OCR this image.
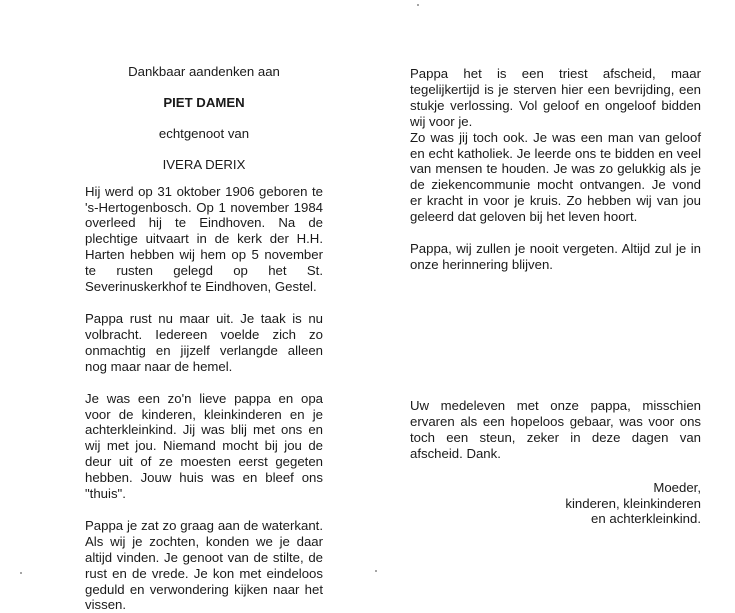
Dankbaar aandenken aan

PIET DAMEN

echtgenoot van

IVERA DERIX

Hij werd op 31 oktober 1906 geboren te 's-Hertogenbosch. Op 1 november 1984 overleed hij te Eindhoven. Na de plechtige uitvaart in de kerk der H.H. Harten hebben wij hem op 5 november te rusten gelegd op het St. Severinuskerkhof te Eindhoven, Gestel.

Pappa rust nu maar uit. Je taak is nu volbracht. Iedereen voelde zich zo onmachtig en jijzelf verlangde alleen nog maar naar de hemel.

Je was een zo'n lieve pappa en opa voor de kinderen, kleinkinderen en je achterkleinkind. Jij was blij met ons en wij met jou. Niemand mocht bij jou de deur uit of ze moesten eerst gegeten hebben. Jouw huis was en bleef ons "thuis".

Pappa je zat zo graag aan de waterkant. Als wij je zochten, konden we je daar altijd vinden. Je genoot van de stilte, de rust en de vrede. Je kon met eindeloos geduld en verwondering kijken naar het vissen.

Pappa het is een triest afscheid, maar tegelijkertijd is je sterven hier een bevrijding, een stukje verlossing. Vol geloof en ongeloof bidden wij voor je.

Zo was jij toch ook. Je was een man van geloof en echt katholiek. Je leerde ons te bidden en veel van mensen te houden. Je was zo gelukkig als je de ziekencommunie mocht ontvangen. Je vond er kracht in voor je kruis. Zo hebben wij van jou geleerd dat geloven bij het leven hoort.

Pappa, wij zullen je nooit vergeten. Altijd zul je in onze herinnering blijven.

Uw medeleven met onze pappa, misschien ervaren als een hopeloos gebaar, was voor ons toch een steun, zeker in deze dagen van afscheid. Dank.

Moeder,
kinderen, kleinkinderen
en achterkleinkind.
